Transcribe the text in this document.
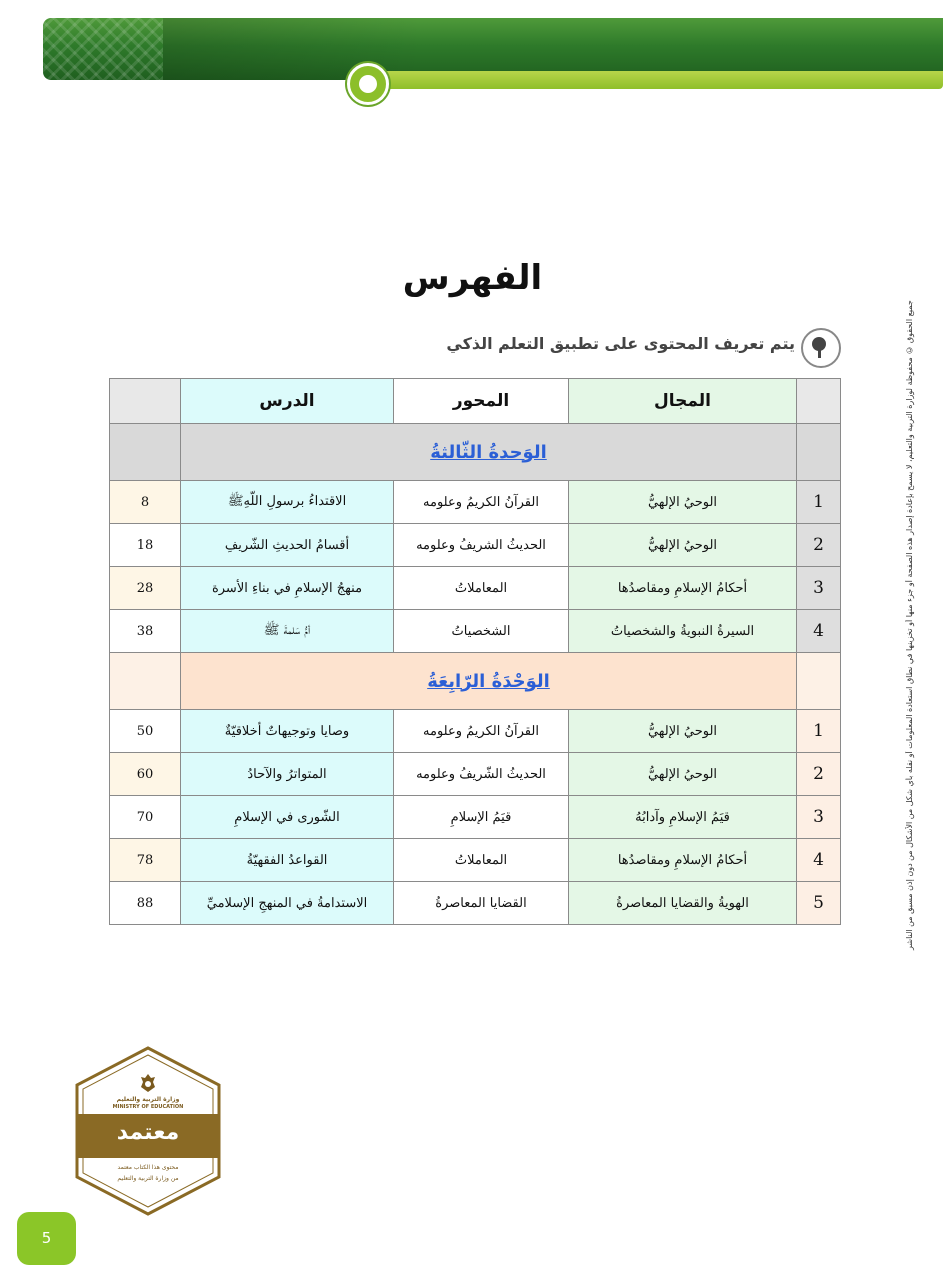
الفهرس
يتم تعريف المحتوى على تطبيق التعلم الذكي	جميع الحقوق © محفوظة لوزارة التربية والتعليم، لا يسمح بإعادة إصدار هذه الصفحة أو جزء منها أو تخزينها في نطاق استعادة المعلومات أو نقله بأي شكل من الأشكال من دون إذن مسبق من الناشر
	المجال	المحور	الدرس	
	الوَحدةُ الثّالثةُ			
1	الوحيُ الإلهيُّ	القرآنُ الكريمُ وعلومه	الاقتداءُ برسولِ اللّهِﷺ	8
2	الوحيُ الإلهيُّ	الحديثُ الشريفُ وعلومه	أقسامُ الحديثِ الشّريفِ	18
3	أحكامُ الإسلامِ ومقاصدُها	المعاملاتُ	منهجُ الإسلامِ في بناءِ الأسرة	28
4	السيرةُ النبويةُ والشخصياتُ	الشخصياتُ	أمُّ سَلمةَ ﷺ	38
	الوَحْدَةُ الرّابِعَةُ			
1	الوحيُ الإلهيُّ	القرآنُ الكريمُ وعلومه	وصايا وتوجيهاتٌ أخلاقيّةٌ	50
2	الوحيُ الإلهيُّ	الحديثُ الشّريفُ وعلومه	المتواترُ والآحادُ	60
3	قيَمُ الإسلامِ وآدابُهُ	قيَمُ الإسلامِ	الشّورى في الإسلامِ	70
4	أحكامُ الإسلامِ ومقاصدُها	المعاملاتُ	القواعدُ الفقهيّةُ	78
5	الهويةُ والقضايا المعاصرةُ	القضايا المعاصرةُ	الاستدامةُ في المنهجِ الإسلاميِّ	88
وزارة التربية والتعليم
MINISTRY OF EDUCATION
معتمد
محتوى هذا الكتاب معتمد
من وزارة التربية والتعليم
5
